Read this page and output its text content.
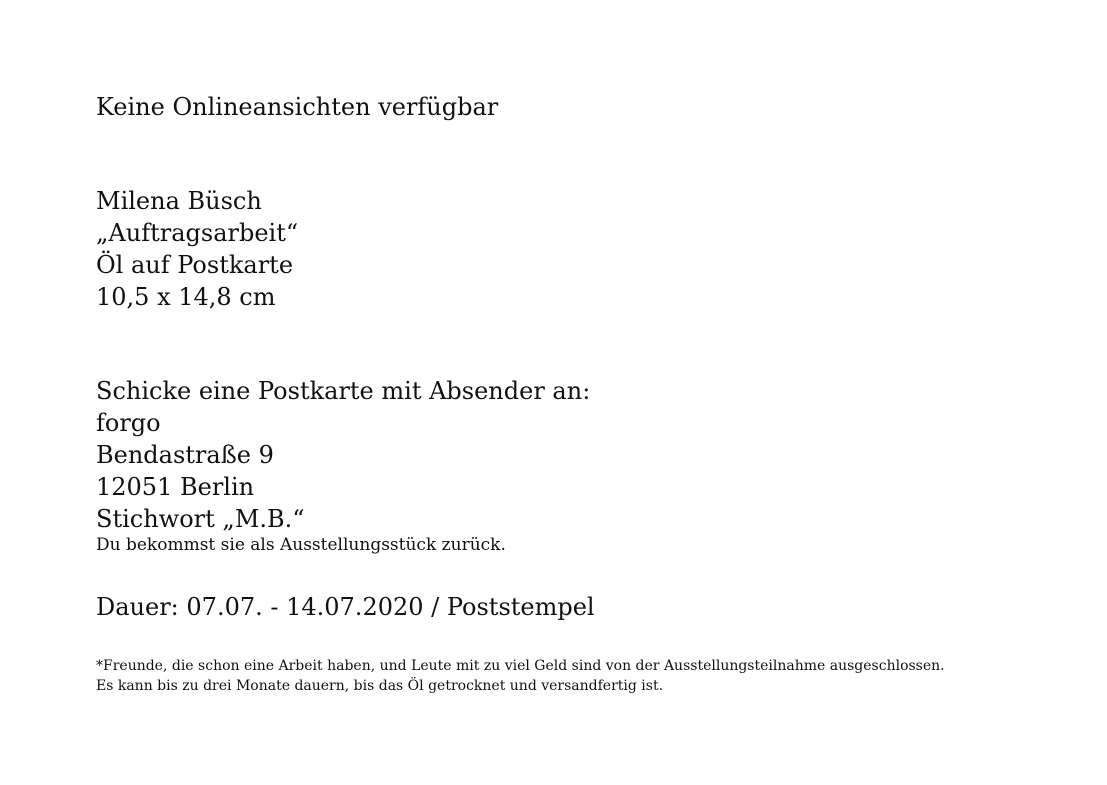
Keine Onlineansichten verfügbar
Milena Büsch
„Auftragsarbeit“
Öl auf Postkarte
10,5 x 14,8 cm
Schicke eine Postkarte mit Absender an:
forgo
Bendastraße 9
12051 Berlin
Stichwort „M.B.“
Du bekommst sie als Ausstellungsstück zurück.
Dauer: 07.07. - 14.07.2020 / Poststempel
*Freunde, die schon eine Arbeit haben, und Leute mit zu viel Geld sind von der Ausstellungsteilnahme ausgeschlossen.
Es kann bis zu drei Monate dauern, bis das Öl getrocknet und versandfertig ist.
